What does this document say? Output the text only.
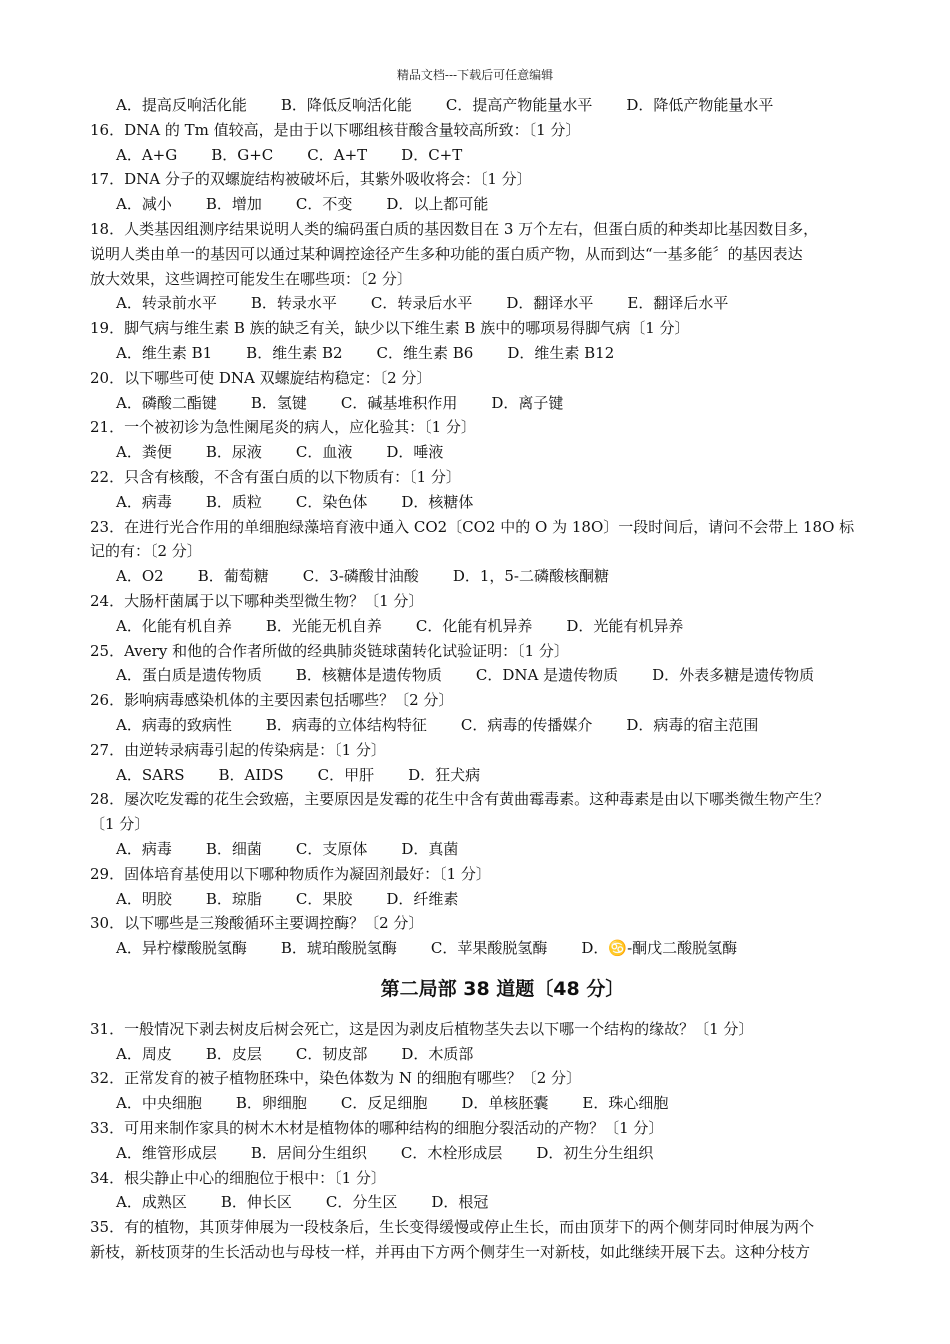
精品文档---下载后可任意编辑
A．提高反响活化能 B．降低反响活化能 C．提高产物能量水平 D．降低产物能量水平
16．DNA 的 Tm 值较高，是由于以下哪组核苷酸含量较高所致：〔1 分〕
A．A+G B．G+C C．A+T D．C+T
17．DNA 分子的双螺旋结构被破坏后，其紫外吸收将会：〔1 分〕
A．减小 B．增加 C．不变 D．以上都可能
18．人类基因组测序结果说明人类的编码蛋白质的基因数目在 3 万个左右，但蛋白质的种类却比基因数目多，
说明人类由单一的基因可以通过某种调控途径产生多种功能的蛋白质产物，从而到达“一基多能〞的基因表达
放大效果，这些调控可能发生在哪些项：〔2 分〕
A．转录前水平 B．转录水平 C．转录后水平 D．翻译水平 E．翻译后水平
19．脚气病与维生素 B 族的缺乏有关，缺少以下维生素 B 族中的哪项易得脚气病〔1 分〕
A．维生素 B1 B．维生素 B2 C．维生素 B6 D．维生素 B12
20．以下哪些可使 DNA 双螺旋结构稳定：〔2 分〕
A．磷酸二酯键 B．氢键 C．碱基堆积作用 D．离子键
21．一个被初诊为急性阑尾炎的病人，应化验其：〔1 分〕
A．粪便 B．尿液 C．血液 D．唾液
22．只含有核酸，不含有蛋白质的以下物质有：〔1 分〕
A．病毒 B．质粒 C．染色体 D．核糖体
23．在进行光合作用的单细胞绿藻培育液中通入 CO2〔CO2 中的 O 为 18O〕一段时间后，请问不会带上 18O 标
记的有：〔2 分〕
A．O2 B．葡萄糖 C．3-磷酸甘油酸 D．1，5-二磷酸核酮糖
24．大肠杆菌属于以下哪种类型微生物？〔1 分〕
A．化能有机自养 B．光能无机自养 C．化能有机异养 D．光能有机异养
25．Avery 和他的合作者所做的经典肺炎链球菌转化试验证明：〔1 分〕
A．蛋白质是遗传物质 B．核糖体是遗传物质 C．DNA 是遗传物质 D．外表多糖是遗传物质
26．影响病毒感染机体的主要因素包括哪些？〔2 分〕
A．病毒的致病性 B．病毒的立体结构特征 C．病毒的传播媒介 D．病毒的宿主范围
27．由逆转录病毒引起的传染病是：〔1 分〕
A．SARS B．AIDS C．甲肝 D．狂犬病
28．屡次吃发霉的花生会致癌，主要原因是发霉的花生中含有黄曲霉毒素。这种毒素是由以下哪类微生物产生？
〔1 分〕
A．病毒 B．细菌 C．支原体 D．真菌
29．固体培育基使用以下哪种物质作为凝固剂最好：〔1 分〕
A．明胶 B．琼脂 C．果胶 D．纤维素
30．以下哪些是三羧酸循环主要调控酶？〔2 分〕
A．异柠檬酸脱氢酶 B．琥珀酸脱氢酶 C．苹果酸脱氢酶 D．♋-酮戊二酸脱氢酶
第二局部 38 道题〔48 分〕
31．一般情况下剥去树皮后树会死亡，这是因为剥皮后植物茎失去以下哪一个结构的缘故？〔1 分〕
A．周皮 B．皮层 C．韧皮部 D．木质部
32．正常发育的被子植物胚珠中，染色体数为 N 的细胞有哪些？〔2 分〕
A．中央细胞 B．卵细胞 C．反足细胞 D．单核胚囊 E．珠心细胞
33．可用来制作家具的树木木材是植物体的哪种结构的细胞分裂活动的产物？〔1 分〕
A．维管形成层 B．居间分生组织 C．木栓形成层 D．初生分生组织
34．根尖静止中心的细胞位于根中：〔1 分〕
A．成熟区 B．伸长区 C．分生区 D．根冠
35．有的植物，其顶芽伸展为一段枝条后，生长变得缓慢或停止生长，而由顶芽下的两个侧芽同时伸展为两个
新枝，新枝顶芽的生长活动也与母枝一样，并再由下方两个侧芽生一对新枝，如此继续开展下去。这种分枝方
